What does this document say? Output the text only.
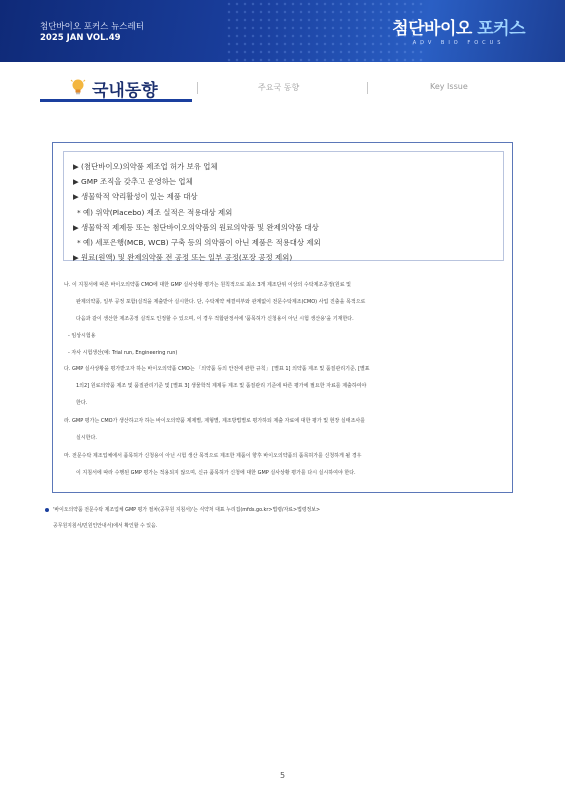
첨단바이오 포커스 뉴스레터
2025 JAN VOL.49	첨단바이오 포커스
ADV BIO FOCUS
국내동향	주요국 동향	Key Issue
▶ (첨단바이오)의약품 제조업 허가 보유 업체
▶ GMP 조직을 갖추고 운영하는 업체
▶ 생물학적 약리활성이 있는 제품 대상
* 예) 위약(Placebo) 제조 실적은 적용대상 제외
▶ 생물학적 제제등 또는 첨단바이오의약품의 원료의약품 및 완제의약품 대상
* 예) 세포은행(MCB, WCB) 구축 등의 의약품이 아닌 제품은 적용대상 제외
▶ 원료(원액) 및 완제의약품 전 공정 또는 일부 공정(포장 공정 제외)
나. 이 지침서에 따른 바이오의약품 CMO에 대한 GMP 실사상황 평가는 원칙적으로 최소 3개 제조단위 이상의 수탁제조공정(원료 및
완제의약품, 일부 공정 포함)실적을 제출받아 실시한다. 단, 수탁계약 체결여부와 관계없이 전문수탁제조(CMO) 사업 진출을 목적으로
다음과 같이 생산한 제조공정 실적도 인정할 수 있으며, 이 경우 적합판정서에 '품목허가 신청용이 아닌 시험 생산용'을 기재한다.
- 임상시험용
- 자사 시험생산(예: Trial run, Engineering run)
다. GMP 실사상황을 평가받고자 하는 바이오의약품 CMO는 「의약품 등의 안전에 관한 규칙」 [별표 1] 의약품 제조 및 품질관리기준, [별표
1의2] 원료의약품 제조 및 품질관리기준 및 [별표 3] 생물학적 제제등 제조 및 품질관리 기준에 따른 평가에 필요한 자료를 제출하여야
한다.
라. GMP 평가는 CMO가 생산하고자 하는 바이오의약품 제제별, 제형별, 제조방법별로 평가하되 제출 자료에 대한 평가 및 현장 실태조사를
실시한다.
마. 전문수탁 제조업체에서 품목허가 신청용이 아닌 시험 생산 목적으로 제조한 제품이 향후 바이오의약품의 품목허가를 신청하게 될 경우
이 지침서에 따라 수행된 GMP 평가는 적용되지 않으며, 신규 품목허가 신청에 대한 GMP 실사상황 평가를 다시 실시하여야 한다.
'바이오의약품 전문수탁 제조업체 GMP 평가 절차(공무원 지침서)'는 식약처 대표 누리집(mfds.go.kr>법령/자료>법령정보>
공무원지침서/민원인안내서)에서 확인할 수 있음.
5
